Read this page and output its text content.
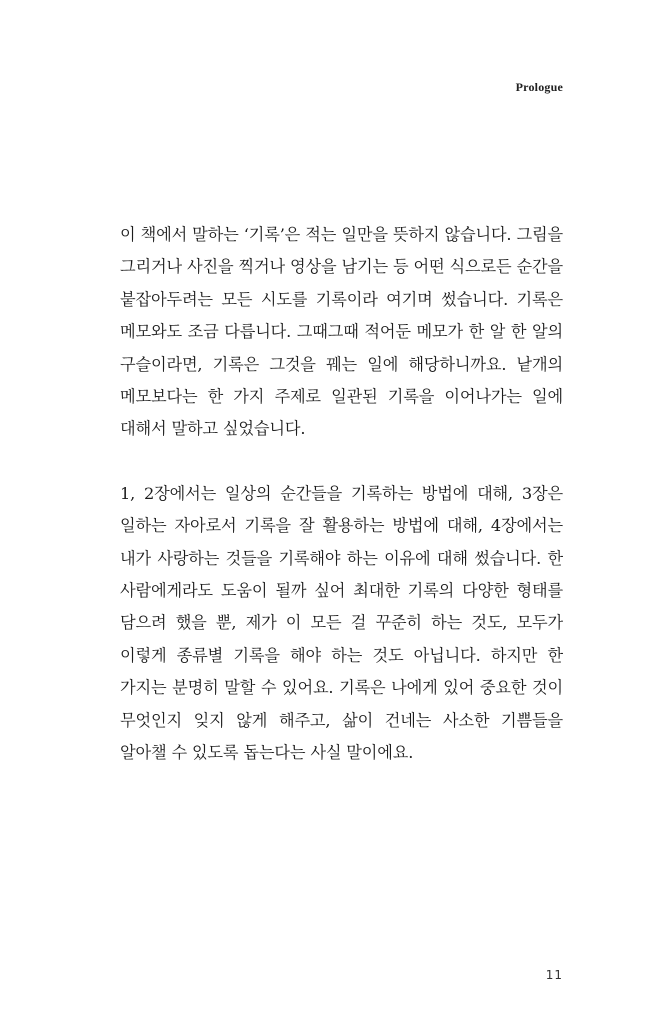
Prologue

이 책에서 말하는 ‘기록’은 적는 일만을 뜻하지 않습니다. 그림을 그리거나 사진을 찍거나 영상을 남기는 등 어떤 식으로든 순간을 붙잡아두려는 모든 시도를 기록이라 여기며 썼습니다. 기록은 메모와도 조금 다릅니다. 그때그때 적어둔 메모가 한 알 한 알의 구슬이라면, 기록은 그것을 꿰는 일에 해당하니까요. 낱개의 메모보다는 한 가지 주제로 일관된 기록을 이어나가는 일에 대해서 말하고 싶었습니다.

1, 2장에서는 일상의 순간들을 기록하는 방법에 대해, 3장은 일하는 자아로서 기록을 잘 활용하는 방법에 대해, 4장에서는 내가 사랑하는 것들을 기록해야 하는 이유에 대해 썼습니다. 한 사람에게라도 도움이 될까 싶어 최대한 기록의 다양한 형태를 담으려 했을 뿐, 제가 이 모든 걸 꾸준히 하는 것도, 모두가 이렇게 종류별 기록을 해야 하는 것도 아닙니다. 하지만 한 가지는 분명히 말할 수 있어요. 기록은 나에게 있어 중요한 것이 무엇인지 잊지 않게 해주고, 삶이 건네는 사소한 기쁨들을 알아챌 수 있도록 돕는다는 사실 말이에요.

11
